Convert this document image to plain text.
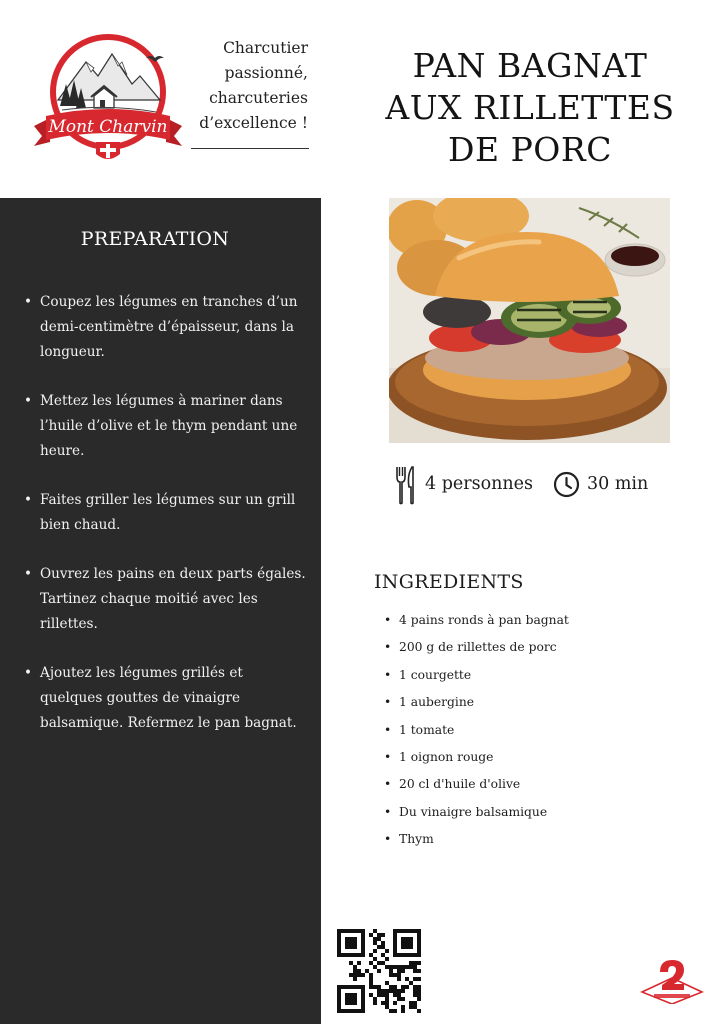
Mont Charvin
Charcutier
passionné,
charcuteries
d’excellence !
PAN BAGNAT
AUX RILLETTES
DE PORC
PREPARATION
• Coupez les légumes en tranches d’un demi-centimètre d’épaisseur, dans la longueur.
• Mettez les légumes à mariner dans l’huile d’olive et le thym pendant une heure.
• Faites griller les légumes sur un grill bien chaud.
• Ouvrez les pains en deux parts égales. Tartinez chaque moitié avec les rillettes.
• Ajoutez les légumes grillés et quelques gouttes de vinaigre balsamique. Refermez le pan bagnat.
4 personnes	30 min
INGREDIENTS
• 4 pains ronds à pan bagnat
• 200 g de rillettes de porc
• 1 courgette
• 1 aubergine
• 1 tomate
• 1 oignon rouge
• 20 cl d'huile d'olive
• Du vinaigre balsamique
• Thym
